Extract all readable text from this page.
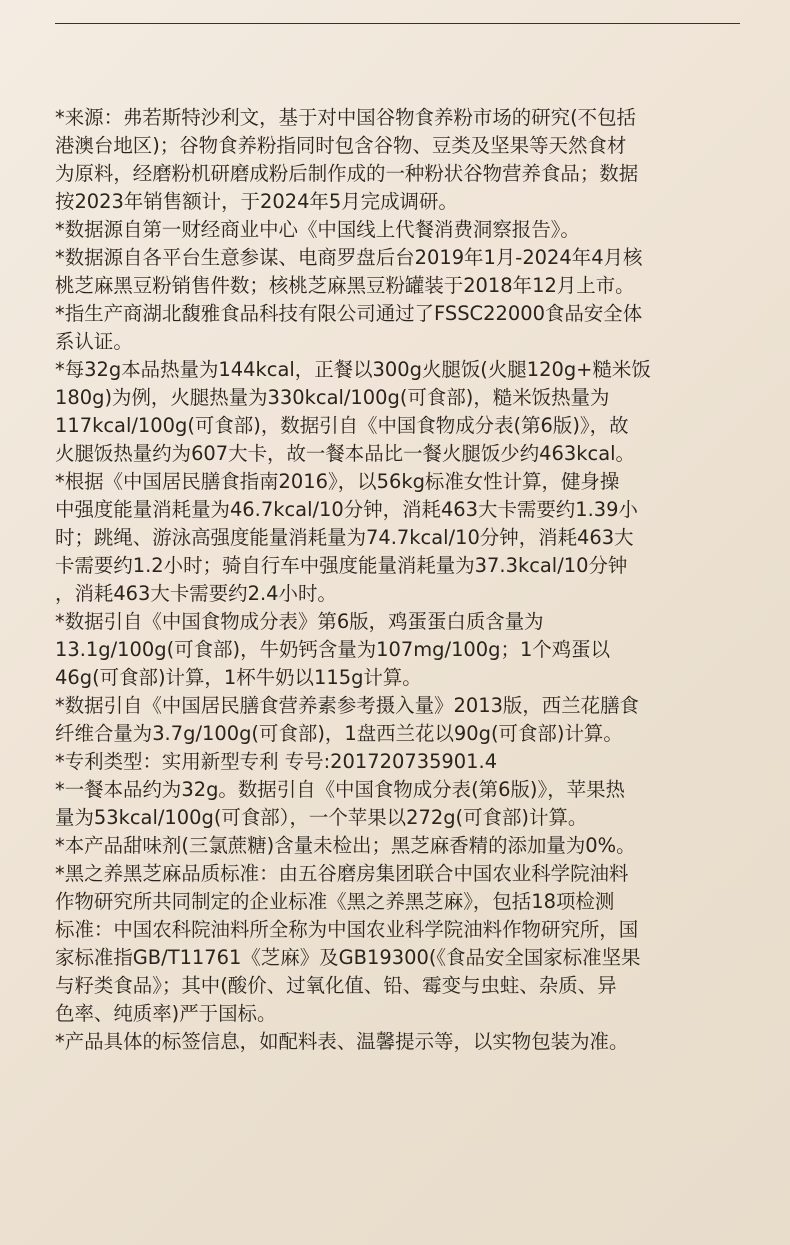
*来源：弗若斯特沙利文，基于对中国谷物食养粉市场的研究(不包括
港澳台地区)；谷物食养粉指同时包含谷物、豆类及坚果等天然食材
为原料，经磨粉机研磨成粉后制作成的一种粉状谷物营养食品；数据
按2023年销售额计，于2024年5月完成调研。

*数据源自第一财经商业中心《中国线上代餐消费洞察报告》。

*数据源自各平台生意参谋、电商罗盘后台2019年1月-2024年4月核
桃芝麻黑豆粉销售件数；核桃芝麻黑豆粉罐装于2018年12月上市。

*指生产商湖北馥雅食品科技有限公司通过了FSSC22000食品安全体
系认证。

*每32g本品热量为144kcal，正餐以300g火腿饭(火腿120g+糙米饭
180g)为例，火腿热量为330kcal/100g(可食部)，糙米饭热量为
117kcal/100g(可食部)，数据引自《中国食物成分表(第6版)》，故
火腿饭热量约为607大卡，故一餐本品比一餐火腿饭少约463kcal。

*根据《中国居民膳食指南2016》，以56kg标准女性计算，健身操
中强度能量消耗量为46.7kcal/10分钟，消耗463大卡需要约1.39小
时；跳绳、游泳高强度能量消耗量为74.7kcal/10分钟，消耗463大
卡需要约1.2小时；骑自行车中强度能量消耗量为37.3kcal/10分钟
，消耗463大卡需要约2.4小时。

*数据引自《中国食物成分表》第6版，鸡蛋蛋白质含量为
13.1g/100g(可食部)，牛奶钙含量为107mg/100g；1个鸡蛋以
46g(可食部)计算，1杯牛奶以115g计算。

*数据引自《中国居民膳食营养素参考摄入量》2013版，西兰花膳食
纤维合量为3.7g/100g(可食部)，1盘西兰花以90g(可食部)计算。

*专利类型：实用新型专利 专号:201720735901.4

*一餐本品约为32g。数据引自《中国食物成分表(第6版)》，苹果热
量为53kcal/100g(可食部），一个苹果以272g(可食部)计算。

*本产品甜味剂(三氯蔗糖)含量未检出；黑芝麻香精的添加量为0%。

*黑之养黑芝麻品质标准：由五谷磨房集团联合中国农业科学院油料
作物研究所共同制定的企业标准《黑之养黑芝麻》，包括18项检测
标准：中国农科院油料所全称为中国农业科学院油料作物研究所，国
家标准指GB/T11761《芝麻》及GB19300(《食品安全国家标准坚果
与籽类食品》；其中(酸价、过氧化值、铅、霉变与虫蛀、杂质、异
色率、纯质率)严于国标。

*产品具体的标签信息，如配料表、温馨提示等，以实物包装为准。
